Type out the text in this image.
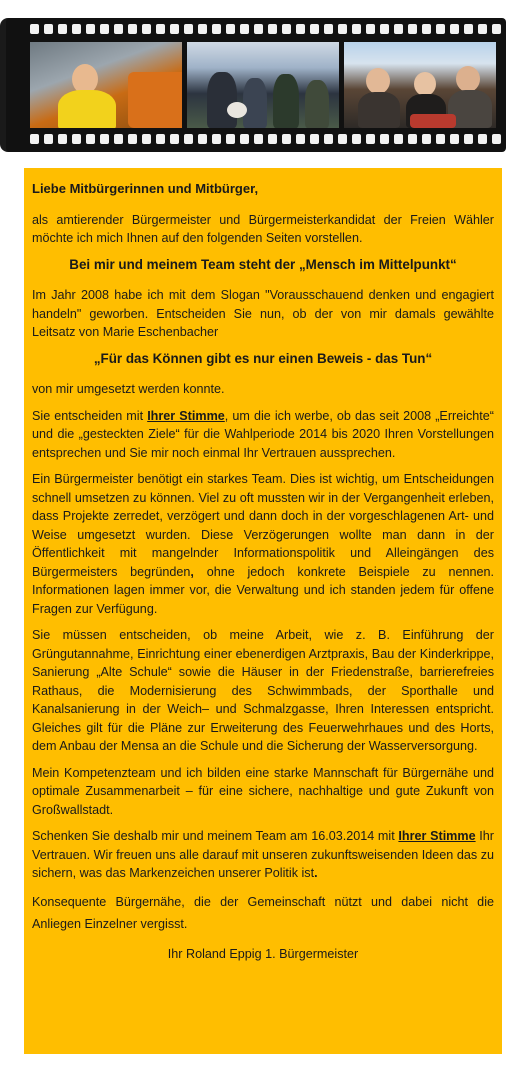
Liebe Mitbürgerinnen und Mitbürger,

als amtierender Bürgermeister und Bürgermeisterkandidat der Freien Wähler möchte ich mich Ihnen auf den folgenden Seiten vorstellen.

Bei mir und meinem Team steht der „Mensch im Mittelpunkt“

Im Jahr 2008 habe ich mit dem Slogan "Vorausschauend denken und engagiert handeln" geworben. Entscheiden Sie nun, ob der von mir damals gewählte Leitsatz von Marie Eschenbacher

„Für das Können gibt es nur einen Beweis - das Tun“

von mir umgesetzt werden konnte.

Sie entscheiden mit Ihrer Stimme, um die ich werbe, ob das seit 2008 „Erreichte“ und die „gesteckten Ziele“ für die Wahlperiode 2014 bis 2020 Ihren Vorstellungen entsprechen und Sie mir noch einmal Ihr Vertrauen aussprechen.

Ein Bürgermeister benötigt ein starkes Team. Dies ist wichtig, um Entscheidungen schnell umsetzen zu können. Viel zu oft mussten wir in der Vergangenheit erleben, dass Projekte zerredet, verzögert und dann doch in der vorgeschlagenen Art- und Weise umgesetzt wurden. Diese Verzögerungen wollte man dann in der Öffentlichkeit mit mangelnder Informationspolitik und Alleingängen des Bürgermeisters begründen, ohne jedoch konkrete Beispiele zu nennen. Informationen lagen immer vor, die Verwaltung und ich standen jedem für offene Fragen zur Verfügung.

Sie müssen entscheiden, ob meine Arbeit, wie z. B. Einführung der Grüngutannahme, Einrichtung einer ebenerdigen Arztpraxis, Bau der Kinderkrippe, Sanierung „Alte Schule“ sowie die Häuser in der Friedenstraße, barrierefreies Rathaus, die Modernisierung des Schwimmbads, der Sporthalle und Kanalsanierung in der Weich– und Schmalzgasse, Ihren Interessen entspricht. Gleiches gilt für die Pläne zur Erweiterung des Feuerwehrhaues und des Horts, dem Anbau der Mensa an die Schule und die Sicherung der Wasserversorgung.

Mein Kompetenzteam und ich bilden eine starke Mannschaft für Bürgernähe und optimale Zusammenarbeit – für eine sichere, nachhaltige und gute Zukunft von Großwallstadt.

Schenken Sie deshalb mir und meinem Team am 16.03.2014 mit Ihrer Stimme Ihr Vertrauen. Wir freuen uns alle darauf mit unseren zukunftsweisenden Ideen das zu sichern, was das Markenzeichen unserer Politik ist.

Konsequente Bürgernähe, die der Gemeinschaft nützt und dabei nicht die Anliegen Einzelner vergisst.

Ihr Roland Eppig 1. Bürgermeister
